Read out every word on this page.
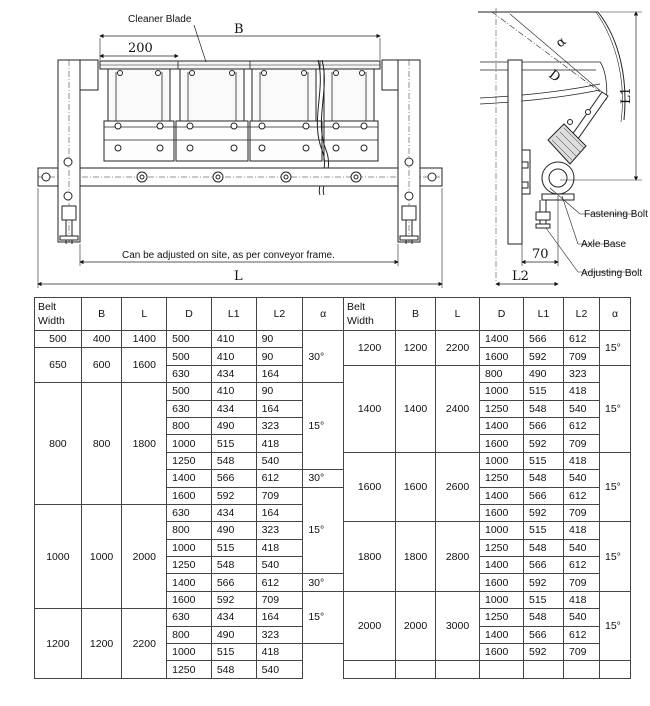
Cleaner Blade
B
200
Can be adjusted on site, as per conveyor frame.
L
α
D
L1
70
L2
Fastening Bolt
Axle Base
Adjusting Bolt
Belt Width	B	L	D	L1	L2	α
500	400	1400	500	410	90	30°
650	600	1600	500	410	90	
			630	434	164	
800	800	1800	500	410	90	15°
			630	434	164	
			800	490	323	
			1000	515	418	
			1250	548	540	
			1400	566	612	30°
			1600	592	709	15°
1000	1000	2000	630	434	164	
			800	490	323	
			1000	515	418	
			1250	548	540	
			1400	566	612	30°
			1600	592	709	15°
1200	1200	2200	630	434	164	
			800	490	323	
			1000	515	418	
			1250	548	540	
Belt Width	B	L	D	L1	L2	α
1200	1200	2200	1400	566	612	15°
			1600	592	709	
1400	1400	2400	800	490	323	15°
			1000	515	418	
			1250	548	540	
			1400	566	612	
			1600	592	709	
1600	1600	2600	1000	515	418	15°
			1250	548	540	
			1400	566	612	
			1600	592	709	
1800	1800	2800	1000	515	418	15°
			1250	548	540	
			1400	566	612	
			1600	592	709	
2000	2000	3000	1000	515	418	15°
			1250	548	540	
			1400	566	612	
			1600	592	709	
